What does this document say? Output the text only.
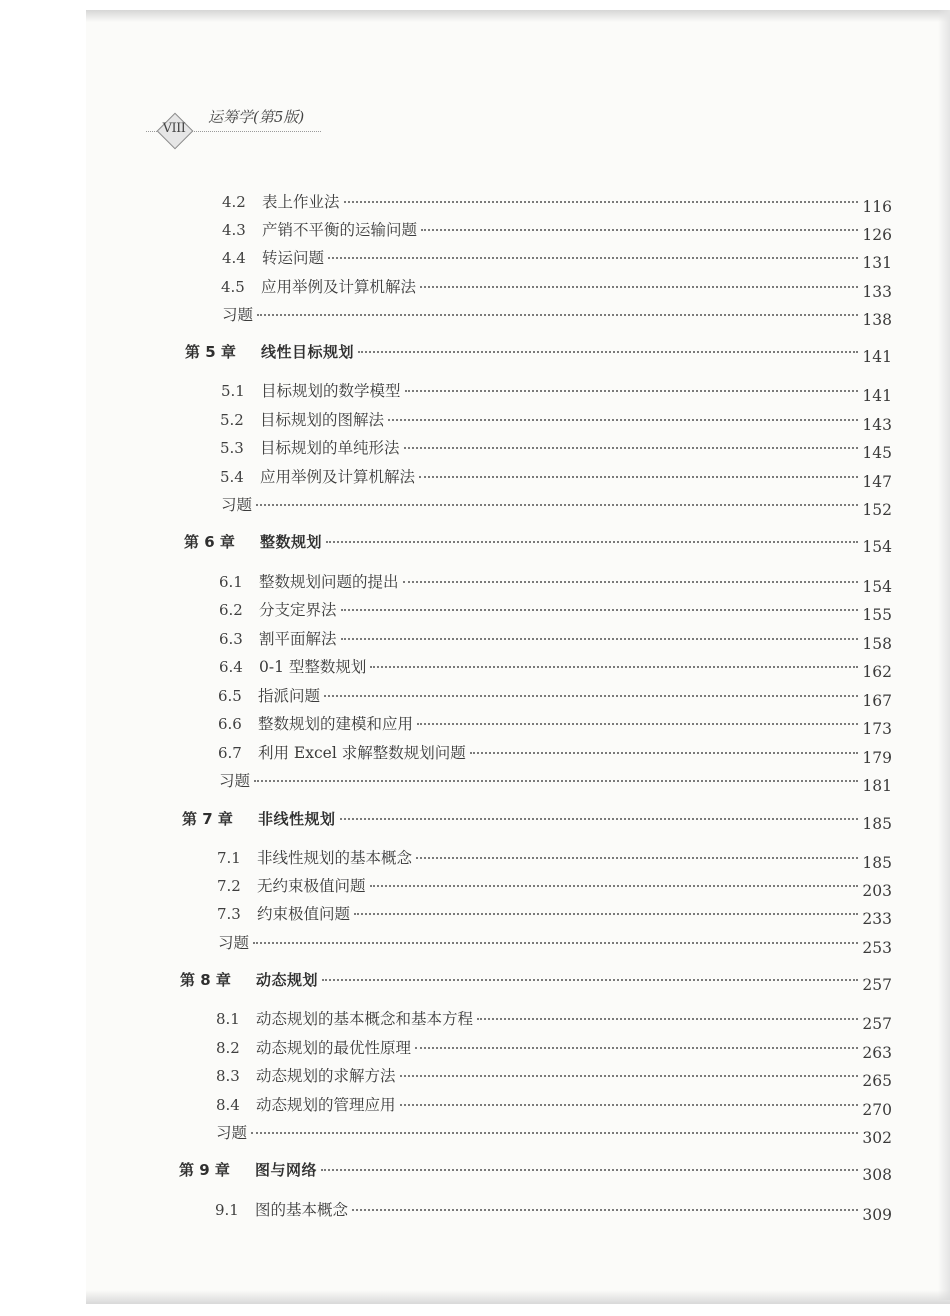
VIII
运筹学(第5版)
4.2	表上作业法	116
4.3	产销不平衡的运输问题	126
4.4	转运问题	131
4.5	应用举例及计算机解法	133
习题	138
第 5 章	线性目标规划	141
5.1	目标规划的数学模型	141
5.2	目标规划的图解法	143
5.3	目标规划的单纯形法	145
5.4	应用举例及计算机解法	147
习题	152
第 6 章	整数规划	154
6.1	整数规划问题的提出	154
6.2	分支定界法	155
6.3	割平面解法	158
6.4	0-1 型整数规划	162
6.5	指派问题	167
6.6	整数规划的建模和应用	173
6.7	利用 Excel 求解整数规划问题	179
习题	181
第 7 章	非线性规划	185
7.1	非线性规划的基本概念	185
7.2	无约束极值问题	203
7.3	约束极值问题	233
习题	253
第 8 章	动态规划	257
8.1	动态规划的基本概念和基本方程	257
8.2	动态规划的最优性原理	263
8.3	动态规划的求解方法	265
8.4	动态规划的管理应用	270
习题	302
第 9 章	图与网络	308
9.1	图的基本概念	309
